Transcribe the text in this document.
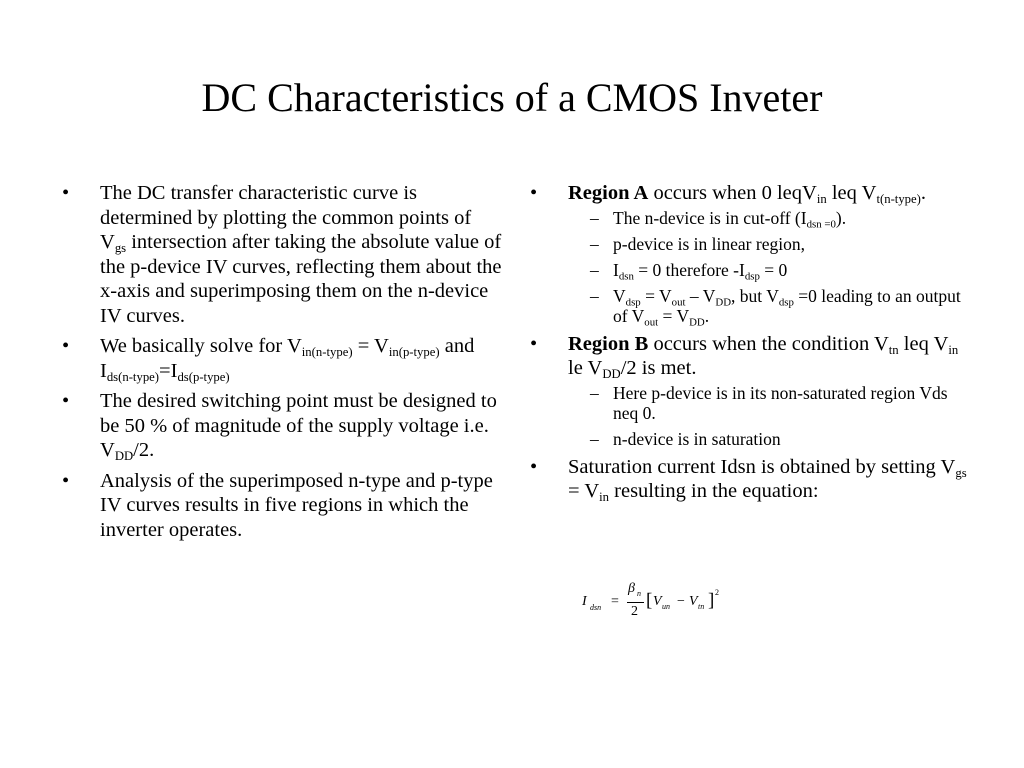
DC Characteristics of a CMOS Inveter
• The DC transfer characteristic curve is determined by plotting the common points of $V_{gs}$ intersection after taking the absolute value of the p-device IV curves, reflecting them about the x-axis and superimposing them on the n-device IV curves.
• We basically solve for $V_{in(n-type)} = V_{in(p-type)}$ and $I_{ds(n-type)}=I_{ds(p-type)}$
• The desired switching point must be designed to be 50 % of magnitude of the supply voltage i.e. $V_{DD}/2$.
• Analysis of the superimposed n-type and p-type IV curves results in five regions in which the inverter operates.
• Region A occurs when 0 leqV$_{in}$ leq $V_{t(n-type)}$.
– The n-device is in cut-off $(I_{dsn =0})$.
– p-device is in linear region,
– $I_{dsn} = 0$ therefore $-I_{dsp} = 0$
– $V_{dsp} = V_{out} - V_{DD}$, but $V_{dsp} =0$ leading to an output of $V_{out} = V_{DD}$.
• Region B occurs when the condition $V_{tn}$ leq $V_{in}$ le $V_{DD}/2$ is met.
– Here p-device is in its non-saturated region Vds neq 0.
– n-device is in saturation
• Saturation current Idsn is obtained by setting $V_{gs} = V_{in}$ resulting in the equation:
I dsn =
β n
2
[ V un − V tn ] 2
